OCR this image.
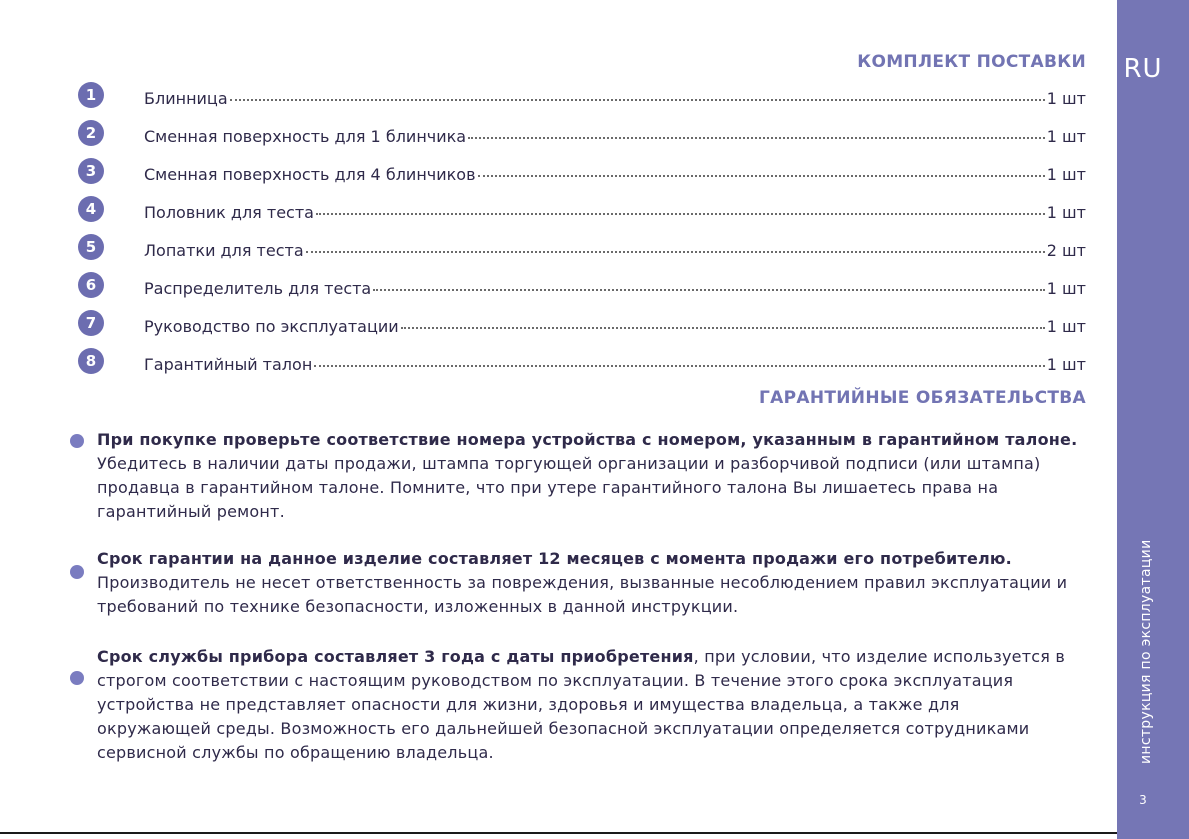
КОМПЛЕКТ ПОСТАВКИ
1	Блинница	1 шт
2	Сменная поверхность для 1 блинчика	1 шт
3	Сменная поверхность для 4 блинчиков	1 шт
4	Половник для теста	1 шт
5	Лопатки для теста	2 шт
6	Распределитель для теста	1 шт
7	Руководство по эксплуатации	1 шт
8	Гарантийный талон	1 шт
ГАРАНТИЙНЫЕ ОБЯЗАТЕЛЬСТВА
При покупке проверьте соответствие номера устройства с номером, указанным в гарантийном талоне.
Убедитесь в наличии даты продажи, штампа торгующей организации и разборчивой подписи (или штампа) продавца в гарантийном талоне. Помните, что при утере гарантийного талона Вы лишаетесь права на гарантийный ремонт.
Срок гарантии на данное изделие составляет 12 месяцев с момента продажи его потребителю.
Производитель не несет ответственность за повреждения, вызванные несоблюдением правил эксплуатации и требований по технике безопасности, изложенных в данной инструкции.
Срок службы прибора составляет 3 года с даты приобретения, при условии, что изделие используется в строгом соответствии с настоящим руководством по эксплуатации. В течение этого срока эксплуатация устройства не представляет опасности для жизни, здоровья и имущества владельца, а также для окружающей среды. Возможность его дальнейшей безопасной эксплуатации определяется сотрудниками сервисной службы по обращению владельца.
RU
3
инструкция по эксплуатации
